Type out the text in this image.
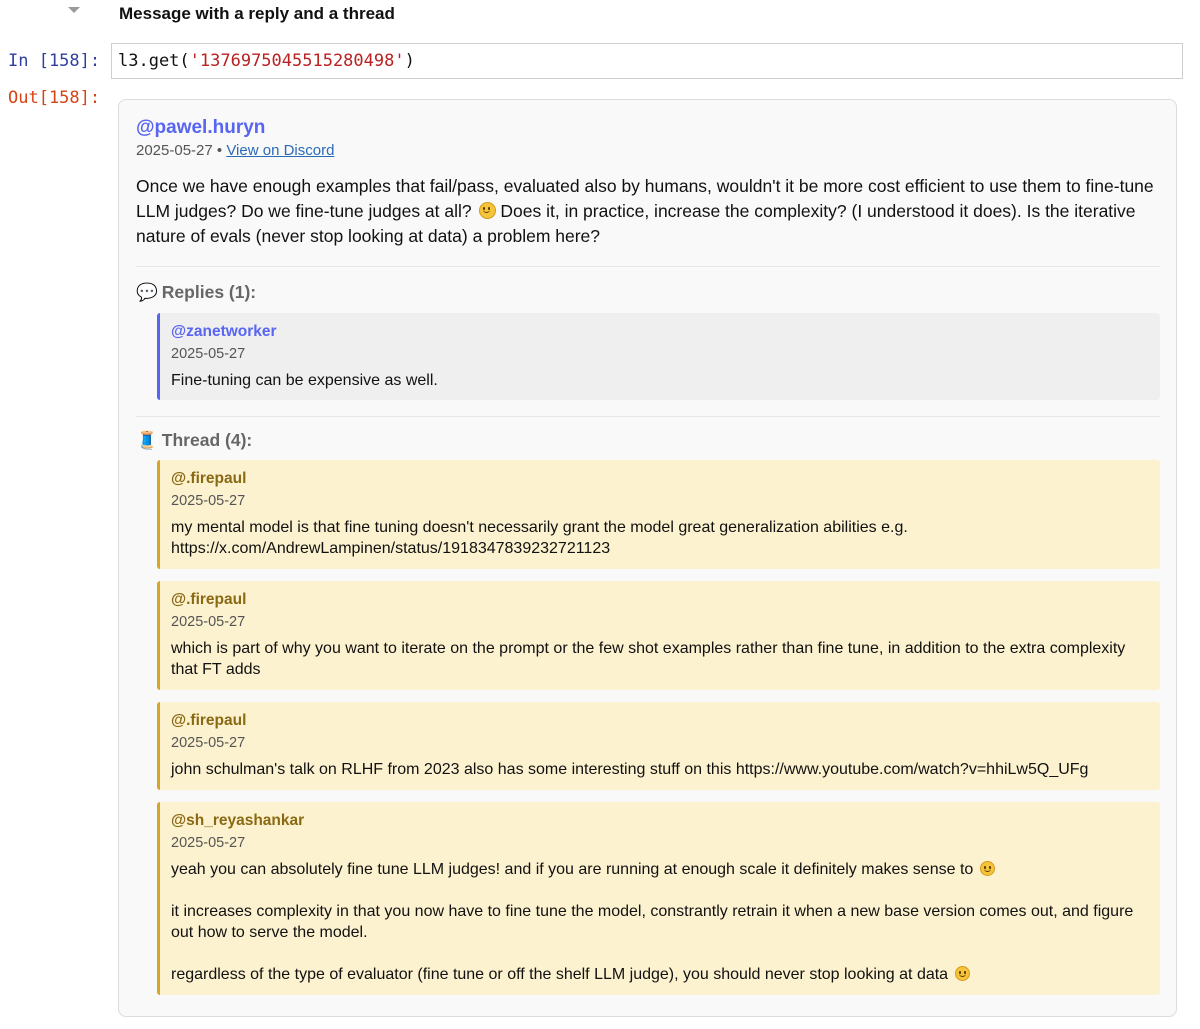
Message with a reply and a thread
In [158]:	l3.get('1376975045515280498')
Out[158]:
@pawel.huryn
2025-05-27 • View on Discord
Once we have enough examples that fail/pass, evaluated also by humans, wouldn't it be more cost efficient to use them to fine-tune LLM judges? Do we fine-tune judges at all?  Does it, in practice, increase the complexity? (I understood it does). Is the iterative nature of evals (never stop looking at data) a problem here?
💬 Replies (1):
@zanetworker
2025-05-27
Fine-tuning can be expensive as well.
🧵 Thread (4):
@.firepaul
2025-05-27
my mental model is that fine tuning doesn't necessarily grant the model great generalization abilities e.g. https://x.com/AndrewLampinen/status/1918347839232721123
@.firepaul
2025-05-27
which is part of why you want to iterate on the prompt or the few shot examples rather than fine tune, in addition to the extra complexity that FT adds
@.firepaul
2025-05-27
john schulman's talk on RLHF from 2023 also has some interesting stuff on this https://www.youtube.com/watch?v=hhiLw5Q_UFg
@sh_reyashankar
2025-05-27
yeah you can absolutely fine tune LLM judges! and if you are running at enough scale it definitely makes sense to
it increases complexity in that you now have to fine tune the model, constrantly retrain it when a new base version comes out, and figure out how to serve the model.
regardless of the type of evaluator (fine tune or off the shelf LLM judge), you should never stop looking at data
